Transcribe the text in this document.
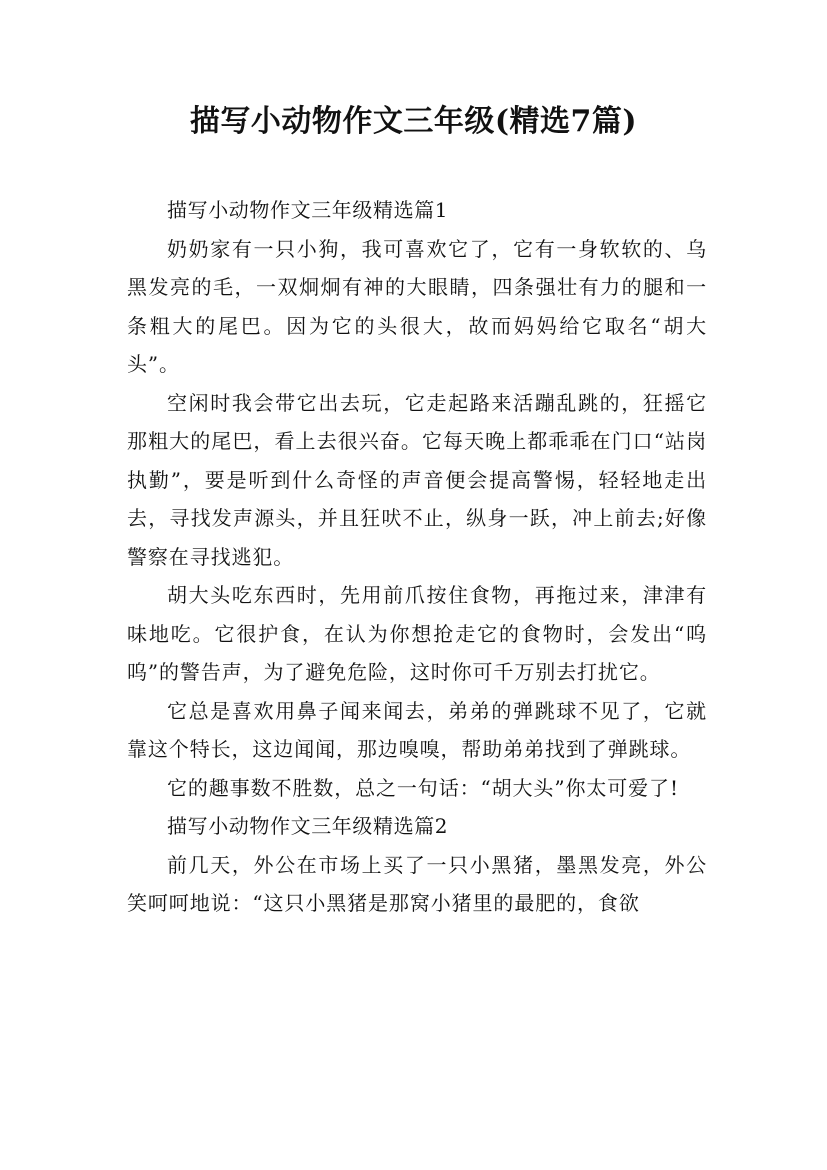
描写小动物作文三年级(精选7篇)

描写小动物作文三年级精选篇1

奶奶家有一只小狗，我可喜欢它了，它有一身软软的、乌黑发亮的毛，一双炯炯有神的大眼睛，四条强壮有力的腿和一条粗大的尾巴。因为它的头很大，故而妈妈给它取名“胡大头”。

空闲时我会带它出去玩，它走起路来活蹦乱跳的，狂摇它那粗大的尾巴，看上去很兴奋。它每天晚上都乖乖在门口“站岗执勤”，要是听到什么奇怪的声音便会提高警惕，轻轻地走出去，寻找发声源头，并且狂吠不止，纵身一跃，冲上前去;好像警察在寻找逃犯。

胡大头吃东西时，先用前爪按住食物，再拖过来，津津有味地吃。它很护食，在认为你想抢走它的食物时，会发出“呜呜”的警告声，为了避免危险，这时你可千万别去打扰它。

它总是喜欢用鼻子闻来闻去，弟弟的弹跳球不见了，它就靠这个特长，这边闻闻，那边嗅嗅，帮助弟弟找到了弹跳球。

它的趣事数不胜数，总之一句话：“胡大头”你太可爱了!

描写小动物作文三年级精选篇2

前几天，外公在市场上买了一只小黑猪，墨黑发亮，外公笑呵呵地说：“这只小黑猪是那窝小猪里的最肥的，食欲
